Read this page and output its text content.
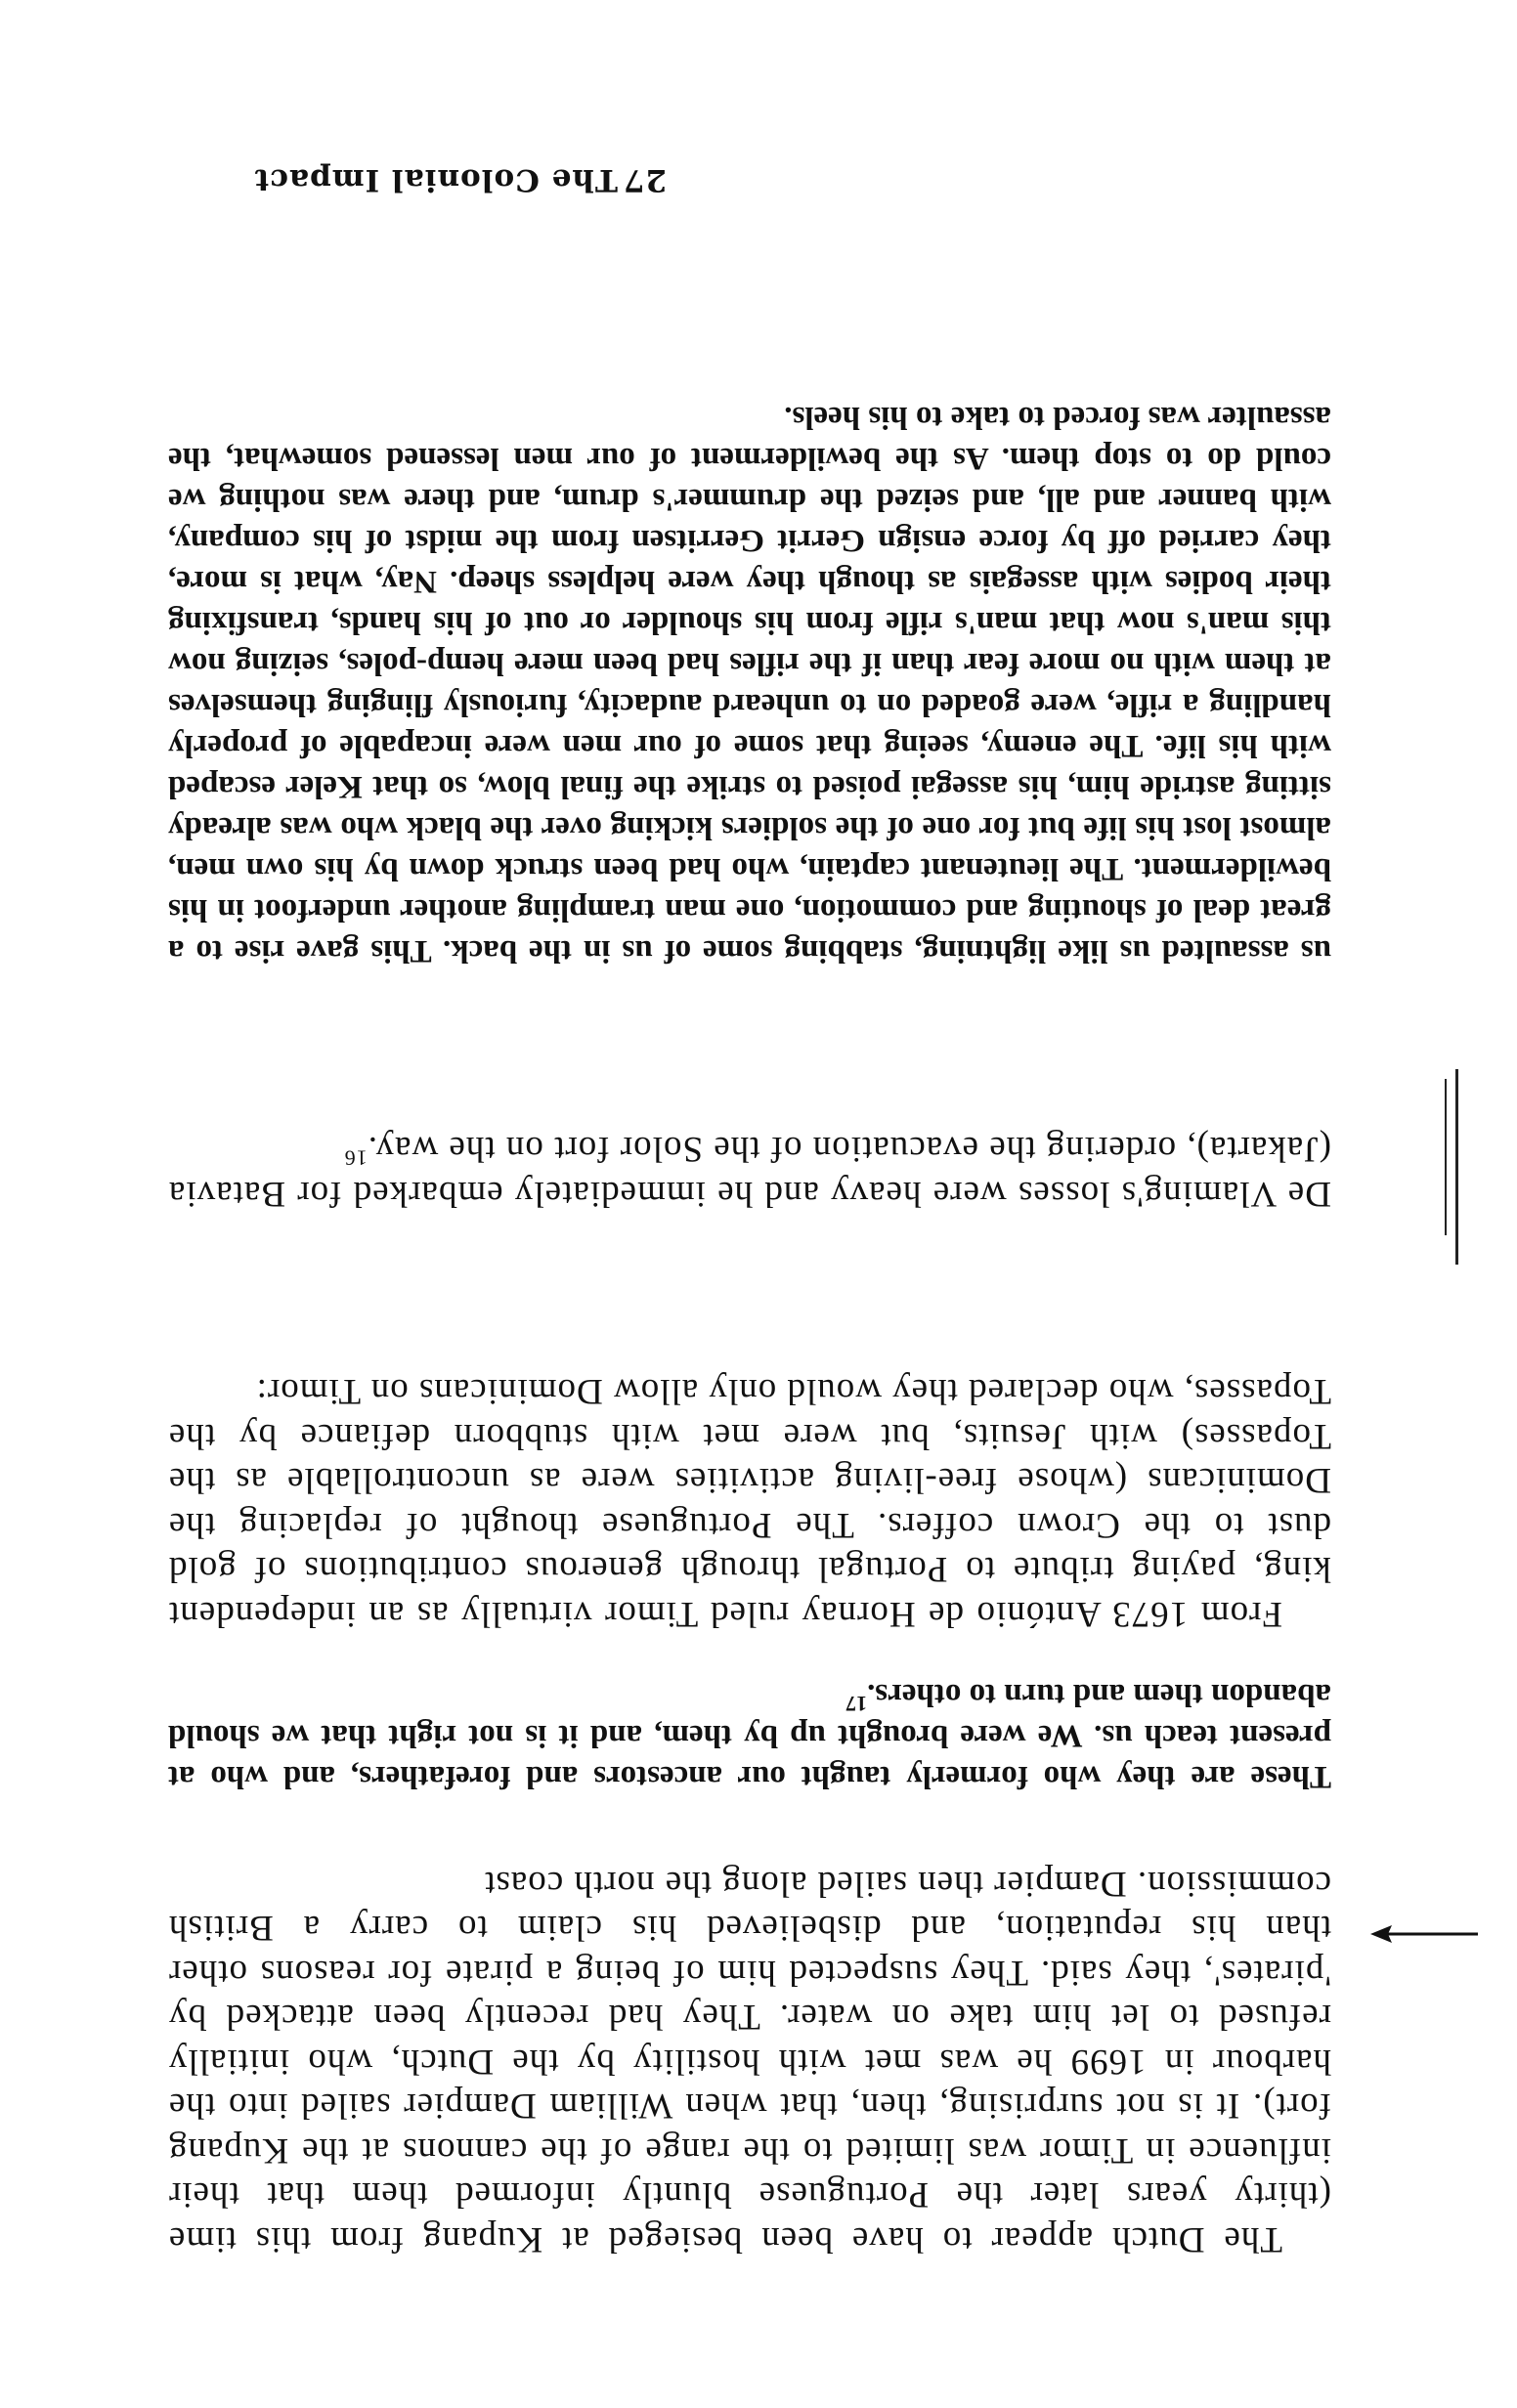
27
The Colonial Impact

us assaulted us like lightning, stabbing some of us in the back. This gave rise to a great deal of shouting and commotion, one man trampling another underfoot in his bewilderment. The lieutenant captain, who had been struck down by his own men, almost lost his life but for one of the soldiers kicking over the black who was already sitting astride him, his assegai poised to strike the final blow, so that Keler escaped with his life. The enemy, seeing that some of our men were incapable of properly handling a rifle, were goaded on to unheard audacity, furiously flinging themselves at them with no more fear than if the rifles had been mere hemp-poles, seizing now this man's now that man's rifle from his shoulder or out of his hands, transfixing their bodies with assegais as though they were helpless sheep. Nay, what is more, they carried off by force ensign Gerrit Gerritsen from the midst of his company, with banner and all, and seized the drummer's drum, and there was nothing we could do to stop them. As the bewilderment of our men lessened somewhat, the assaulter was forced to take to his heels.

De Vlaming's losses were heavy and he immediately embarked for Batavia (Jakarta), ordering the evacuation of the Solor fort on the way.$^{16}$

From 1673 António de Hornay ruled Timor virtually as an independent king, paying tribute to Portugal through generous contributions of gold dust to the Crown coffers. The Portuguese thought of replacing the Dominicans (whose free-living activities were as uncontrollable as the Topasses) with Jesuits, but were met with stubborn defiance by the Topasses, who declared they would only allow Dominicans on Timor:

These are they who formerly taught our ancestors and forefathers, and who at present teach us. We were brought up by them, and it is not right that we should abandon them and turn to others.$^{17}$

The Dutch appear to have been besieged at Kupang from this time (thirty years later the Portuguese bluntly informed them that their influence in Timor was limited to the range of the cannons at the Kupang fort). It is not surprising, then, that when William Dampier sailed into the harbour in 1699 he was met with hostility by the Dutch, who initially refused to let him take on water. They had recently been attacked by 'pirates', they said. They suspected him of being a pirate for reasons other than his reputation, and disbelieved his claim to carry a British commission. Dampier then sailed along the north coast
